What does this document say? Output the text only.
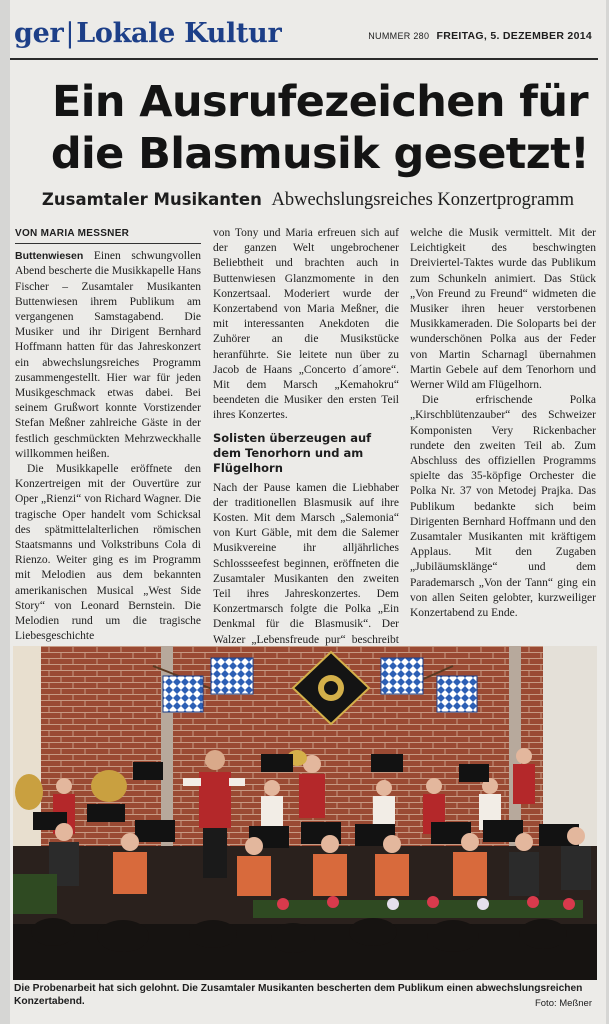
ger|Lokale Kultur	NUMMER 280 FREITAG, 5. DEZEMBER 2014
Ein Ausrufezeichen für
die Blasmusik gesetzt!
Zusamtaler Musikanten Abwechslungsreiches Konzertprogramm
VON MARIA MESSNER

Buttenwiesen Einen schwungvollen Abend bescherte die Musikkapelle Hans Fischer – Zusamtaler Musikanten Buttenwiesen ihrem Publikum am vergangenen Samstagabend. Die Musiker und ihr Dirigent Bernhard Hoffmann hatten für das Jahreskonzert ein abwechslungsreiches Programm zusammengestellt. Hier war für jeden Musikgeschmack etwas dabei. Bei seinem Grußwort konnte Vorstizender Stefan Meßner zahlreiche Gäste in der festlich geschmückten Mehrzweckhalle willkommen heißen.

Die Musikkapelle eröffnete den Konzertreigen mit der Ouvertüre zur Oper „Rienzi“ von Richard Wagner. Die tragische Oper handelt vom Schicksal des spätmittelalterlichen römischen Staatsmanns und Volkstribuns Cola di Rienzo. Weiter ging es im Programm mit Melodien aus dem bekannten amerikanischen Musical „West Side Story“ von Leonard Bernstein. Die Melodien rund um die tragische Liebesgeschichte

von Tony und Maria erfreuen sich auf der ganzen Welt ungebrochener Beliebtheit und brachten auch in Buttenwiesen Glanzmomente in den Konzertsaal. Moderiert wurde der Konzertabend von Maria Meßner, die mit interessanten Anekdoten die Zuhörer an die Musikstücke heranführte. Sie leitete nun über zu Jacob de Haans „Concerto d´amore“. Mit dem Marsch „Kemahokru“ beendeten die Musiker den ersten Teil ihres Konzertes.

Solisten überzeugen auf dem Tenorhorn und am Flügelhorn

Nach der Pause kamen die Liebhaber der traditionellen Blasmusik auf ihre Kosten. Mit dem Marsch „Salemonia“ von Kurt Gäble, mit dem die Salemer Musikvereine ihr alljährliches Schlossseefest beginnen, eröffneten die Zusamtaler Musikanten den zweiten Teil ihres Jahreskonzertes. Dem Konzertmarsch folgte die Polka „Ein Denkmal für die Blasmusik“. Der Walzer „Lebensfreude pur“ beschreibt

welche die Musik vermittelt. Mit der Leichtigkeit des beschwingten Dreiviertel-Taktes wurde das Publikum zum Schunkeln animiert. Das Stück „Von Freund zu Freund“ widmeten die Musiker ihren heuer verstorbenen Musikkameraden. Die Soloparts bei der wunderschönen Polka aus der Feder von Martin Scharnagl übernahmen Martin Gebele auf dem Tenorhorn und Werner Wild am Flügelhorn.

Die erfrischende Polka „Kirschblütenzauber“ des Schweizer Komponisten Very Rickenbacher rundete den zweiten Teil ab. Zum Abschluss des offiziellen Programms spielte das 35-köpfige Orchester die Polka Nr. 37 von Metodej Prajka. Das Publikum bedankte sich beim Dirigenten Bernhard Hoffmann und den Zusamtaler Musikanten mit kräftigem Applaus. Mit den Zugaben „Jubiläumsklänge“ und dem Parademarsch „Von der Tann“ ging ein von allen Seiten gelobter, kurzweiliger Konzertabend zu Ende.

Die Probenarbeit hat sich gelohnt. Die Zusamtaler Musikanten bescherten dem Publikum einen abwechslungsreichen Konzertabend.	Foto: Meßner
